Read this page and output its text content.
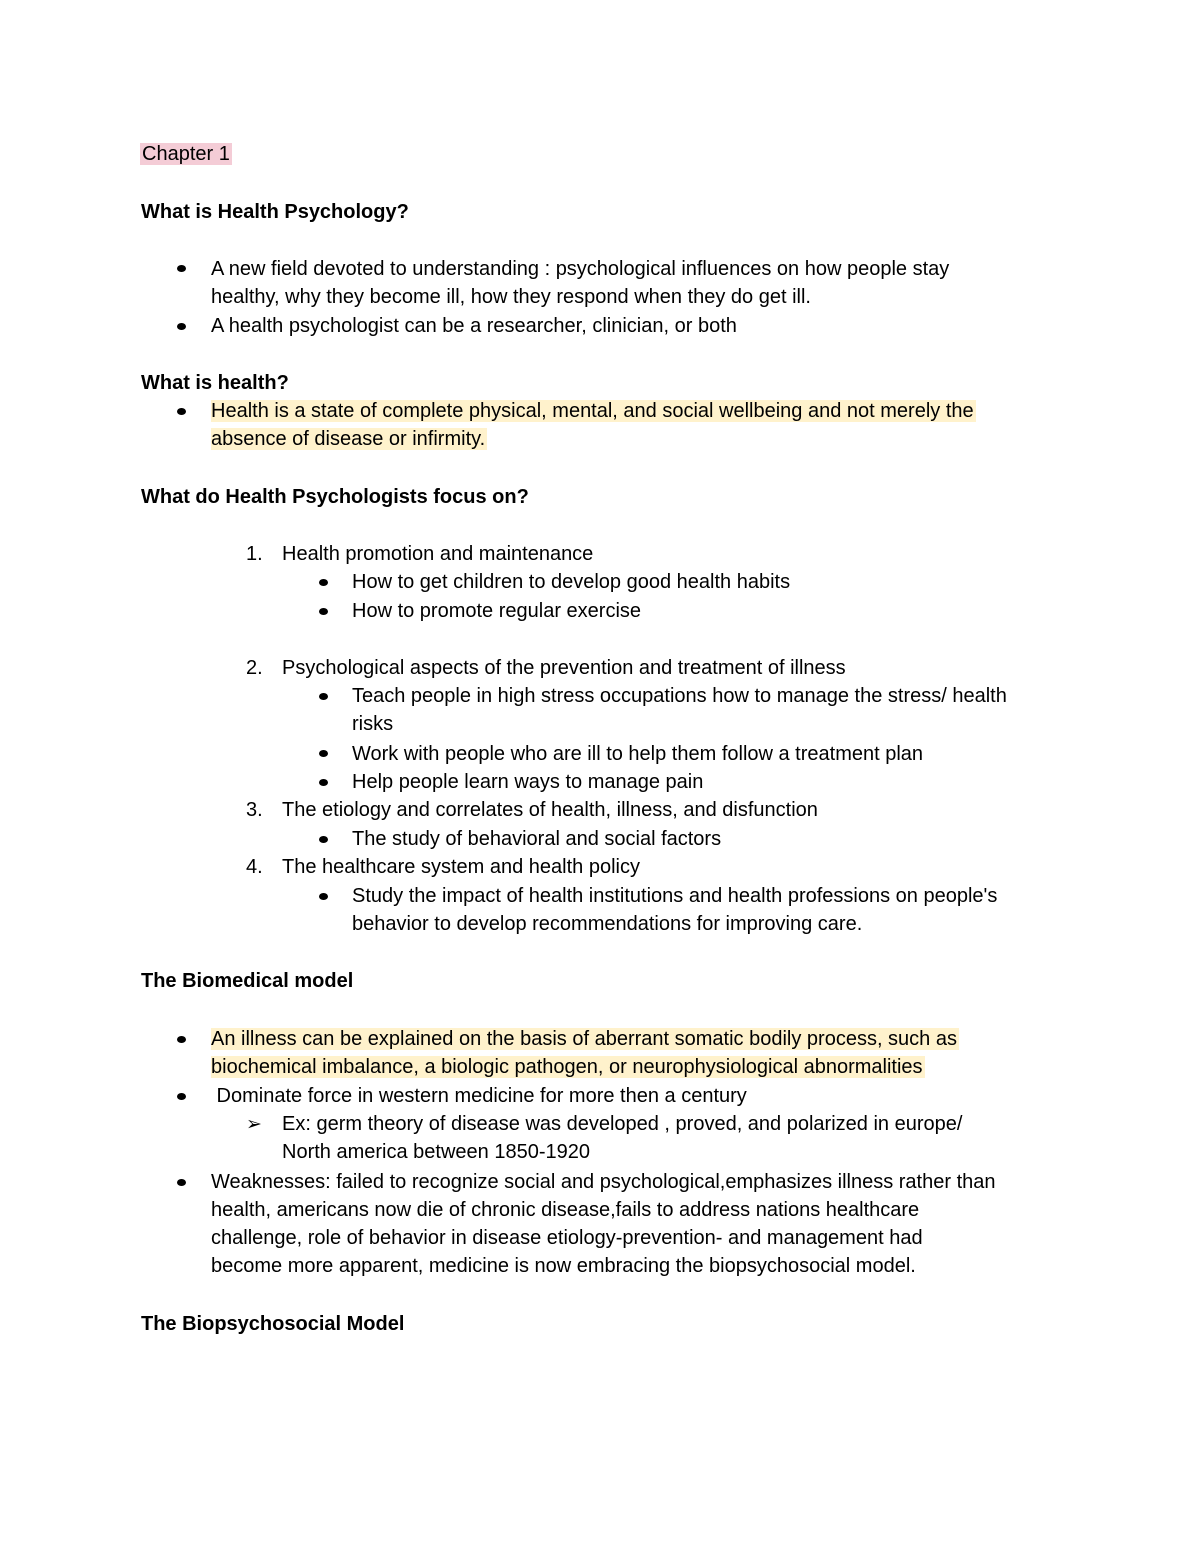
Chapter 1
What is Health Psychology?
A new field devoted to understanding : psychological influences on how people stay
healthy, why they become ill, how they respond when they do get ill.
A health psychologist can be a researcher, clinician, or both
What is health?
Health is a state of complete physical, mental, and social wellbeing and not merely the
absence of disease or infirmity.
What do Health Psychologists focus on?
1. Health promotion and maintenance
How to get children to develop good health habits
How to promote regular exercise
2. Psychological aspects of the prevention and treatment of illness
Teach people in high stress occupations how to manage the stress/ health
risks
Work with people who are ill to help them follow a treatment plan
Help people learn ways to manage pain
3. The etiology and correlates of health, illness, and disfunction
The study of behavioral and social factors
4. The healthcare system and health policy
Study the impact of health institutions and health professions on people's
behavior to develop recommendations for improving care.
The Biomedical model
An illness can be explained on the basis of aberrant somatic bodily process, such as
biochemical imbalance, a biologic pathogen, or neurophysiological abnormalities
Dominate force in western medicine for more then a century
➢ Ex: germ theory of disease was developed , proved, and polarized in europe/
North america between 1850-1920
Weaknesses: failed to recognize social and psychological,emphasizes illness rather than
health, americans now die of chronic disease,fails to address nations healthcare
challenge, role of behavior in disease etiology-prevention- and management had
become more apparent, medicine is now embracing the biopsychosocial model.
The Biopsychosocial Model
